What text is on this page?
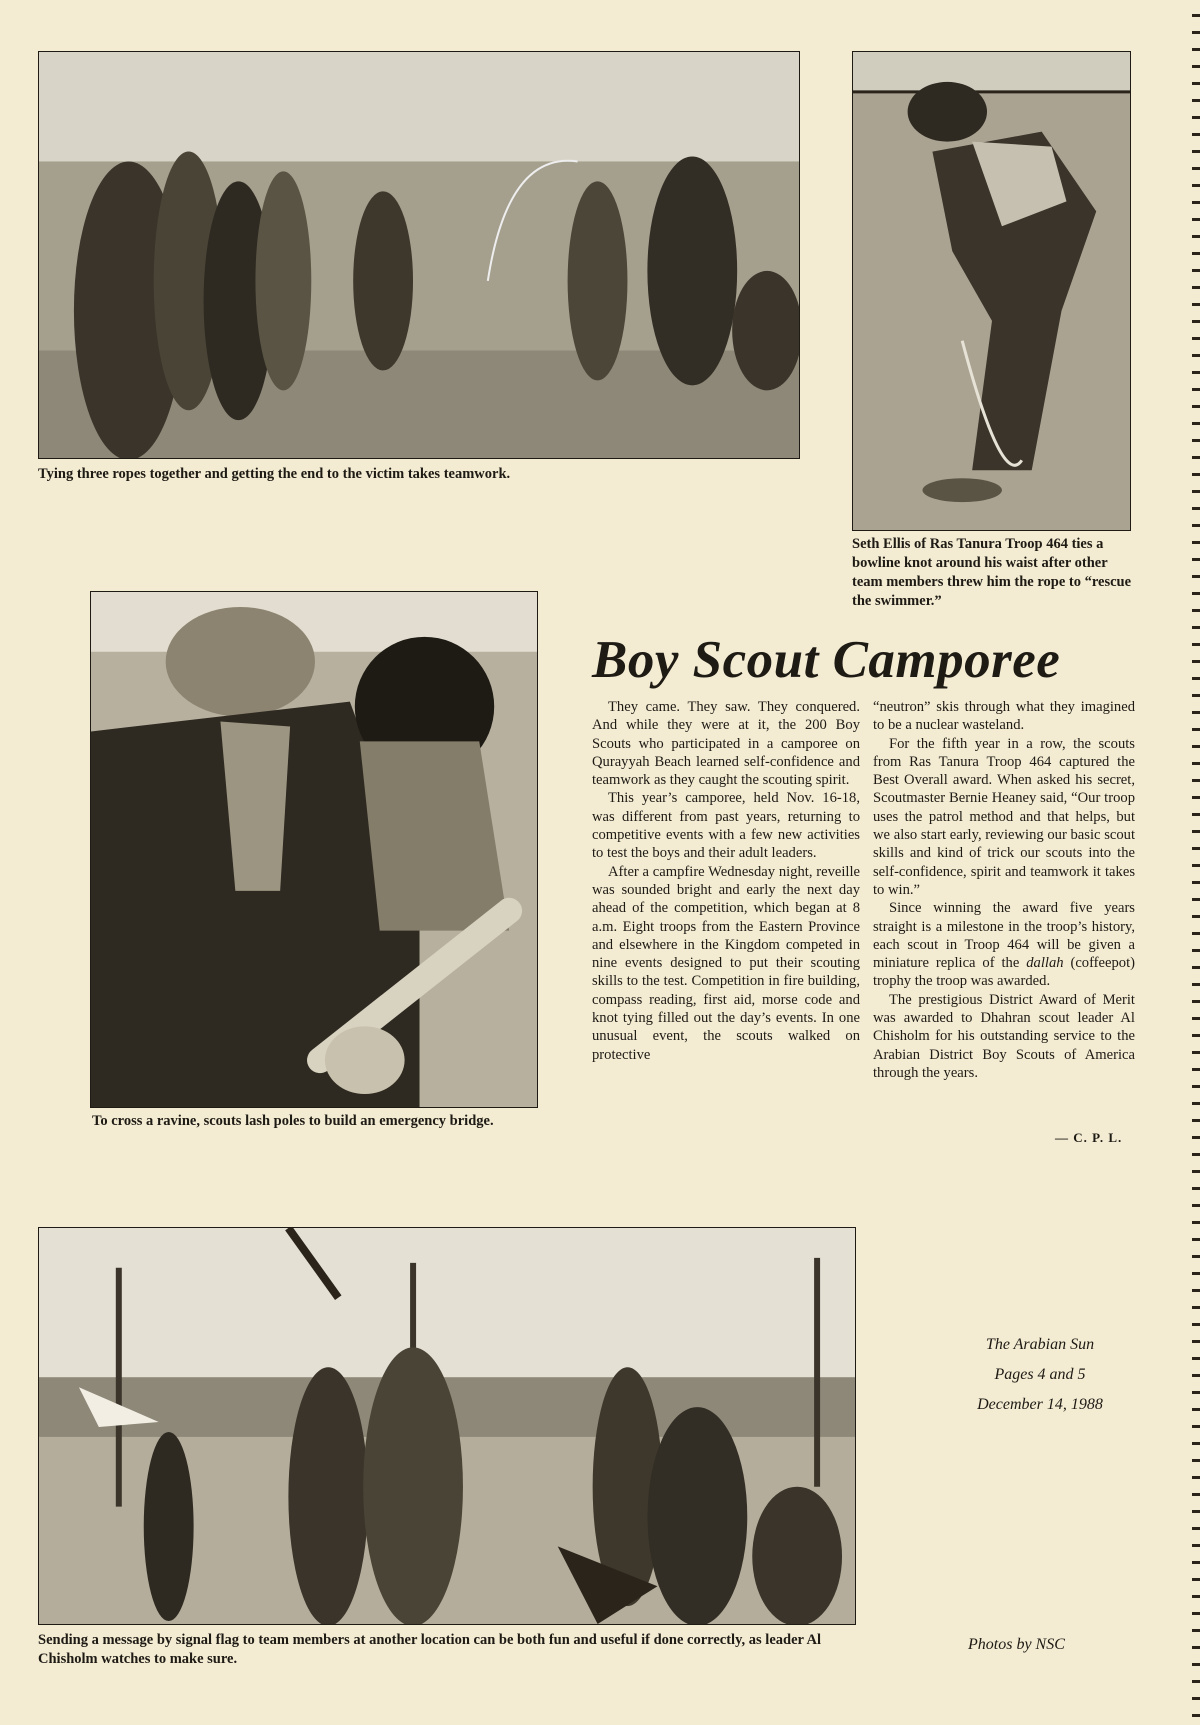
Tying three ropes together and getting the end to the victim takes teamwork.
Seth Ellis of Ras Tanura Troop 464 ties a bowline knot around his waist after other team members threw him the rope to “rescue the swimmer.”
To cross a ravine, scouts lash poles to build an emergency bridge.
Boy Scout Camporee

They came. They saw. They conquered. And while they were at it, the 200 Boy Scouts who participated in a camporee on Qurayyah Beach learned self-confidence and teamwork as they caught the scouting spirit.

This year’s camporee, held Nov. 16-18, was different from past years, returning to competitive events with a few new activities to test the boys and their adult leaders.

After a campfire Wednesday night, reveille was sounded bright and early the next day ahead of the competition, which began at 8 a.m. Eight troops from the Eastern Province and elsewhere in the Kingdom competed in nine events designed to put their scouting skills to the test. Competition in fire building, compass reading, first aid, morse code and knot tying filled out the day’s events. In one unusual event, the scouts walked on protective

“neutron” skis through what they imagined to be a nuclear wasteland.

For the fifth year in a row, the scouts from Ras Tanura Troop 464 captured the Best Overall award. When asked his secret, Scoutmaster Bernie Heaney said, “Our troop uses the patrol method and that helps, but we also start early, reviewing our basic scout skills and kind of trick our scouts into the self-confidence, spirit and teamwork it takes to win.”

Since winning the award five years straight is a milestone in the troop’s history, each scout in Troop 464 will be given a miniature replica of the dallah (coffeepot) trophy the troop was awarded.

The prestigious District Award of Merit was awarded to Dhahran scout leader Al Chisholm for his outstanding service to the Arabian District Boy Scouts of America through the years.

— C. P. L.
Sending a message by signal flag to team members at another location can be both fun and useful if done correctly, as leader Al Chisholm watches to make sure.
The Arabian Sun
Pages 4 and 5
December 14, 1988
Photos by NSC
